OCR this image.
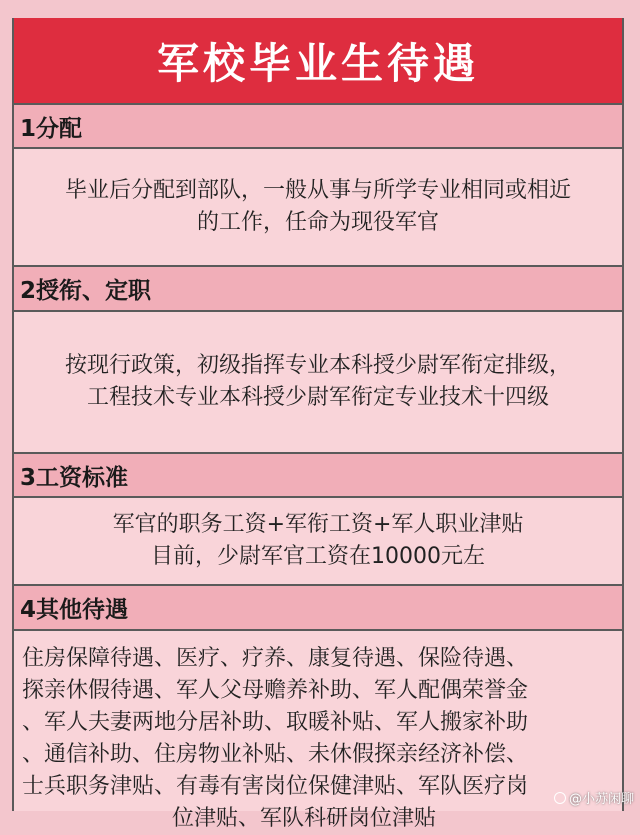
军校毕业生待遇
1分配
毕业后分配到部队，一般从事与所学专业相同或相近
的工作，任命为现役军官
2授衔、定职
按现行政策，初级指挥专业本科授少尉军衔定排级，
工程技术专业本科授少尉军衔定专业技术十四级
3工资标准
军官的职务工资+军衔工资+军人职业津贴
目前，少尉军官工资在10000元左
4其他待遇
住房保障待遇、医疗、疗养、康复待遇、保险待遇、
探亲休假待遇、军人父母赡养补助、军人配偶荣誉金
、军人夫妻两地分居补助、取暖补贴、军人搬家补助
、通信补助、住房物业补贴、未休假探亲经济补偿、
士兵职务津贴、有毒有害岗位保健津贴、军队医疗岗
位津贴、军队科研岗位津贴
@小苏闲聊
